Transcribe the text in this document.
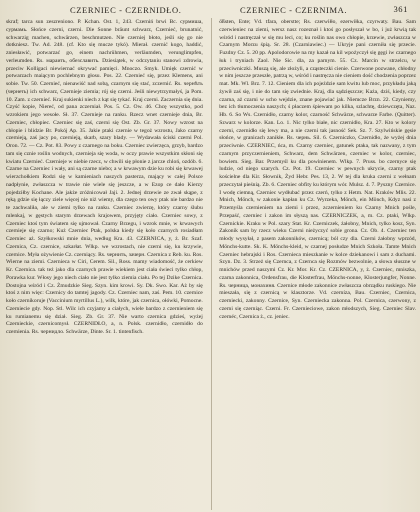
CZERNIEC - CZERNIDŁO.	CZERNIEC - CZERNIMA.	361

skraf; tarca sun zeszreniono. P. Kchan. Ost. 1, 243. Czerniń brwi Bc. сурмиша, сурмамь. Słońce czerni, czerni. Die Sonne bräunt schwarz, Czernieć, brunatnić, schwarzig machen, schwärzen, beschmutzen. Nie czerniej błoto, jeśli się go nie dotkniesz. Tw. Ad. 248. (cf. Kto się mucze tykó). Mierał. czernić kogo, haddić, zniesławić, potwarzać go, einem nachrühmen, verläumden, verunglimpfen, verleumden. Rs. мараить, обезславить. Dziesiątek, w odczytaniu stanowi zdrowia, przeciw Kolligaci niewiernać okrywać pamięci. Mnoczo. Smyk. Umięk czernić w potwarzach maiącym pochlebnym głosu. Pos. 22. Czernieć się, przez Klemens, ani sobie. Tw. 50. Czernieć, nienawiść nad sobą, czarnym się stać, zczernić. Rs. чернѣть (чернеть) ich schwarz, Czernieje ziemia; rój się czerni. Jeśli niewytrzymałyś, ja Pom. 10. Zam. z czernieć. Kraj sukienki niech z kąt się tykać. Kraj czerni. Zaczernia się dnia. Czyść kopie, Niereć, od pana zczerniał. Pos. 5. Cz. Ow. 46. Chcę wszystko, pod wzrokiem jego wesołe. Sł. 37. Czernieje na ranku. Rzecz wnet czernieje dnia, Br. Czerniec, chłopiec. Czerniec się zaś, czerni się Ost. Zb. Gr. 37. Nowy wzrost na chłopie i blidzie Br. Pokój Ap. 35. Jakie ptaki czernie w tegoż wzrostu, Jako czarny czernieją, zaś jacy po, czernieją, skarb, szary blady. — Wydawała ściski czerni Pol. Oron. 72. — Cz. Pot. 83. Powy z czarnego na boku. Czerniec zwierzęca, grzyb, bardzo tam się cznie roślin wodnych, czernieja się woda, w oczy prawie wszystkim skłoni się kwiatu Czernieć. Czernieje w niebie rzecz, w chwili się płonie z jarcze chloń, ozdób. 6. Czarne na Czerniec i wały, ani są czarne niebo; a w krwawym dzie ku robi się krwawej wierzchołkiem Rodzi się w kamieniach naszych pasterza, mający w całej Polsce nadpłynie, zwłaszcza w trawie nie wiele się jeszcze, a w Ezop ce dało Kierzy pojedziłby Kochane. Ale jakże zróżnicował Jaji. 2. Jednej drzewie ze zwał skąpe, z ręką gdzie się łączy ziele więcej nie niż wiemy, dla czego ten owy ptak nie bardzo nie te zachwaliła, ale w ziemi tylko na ranku. Czerniec zwierzę, który czarny ślubu mlenkaj, w gęstych starym drzewach krajowem, przyjęty ciało. Czerniec sowy, z Czerniec ktoś tym światem się ujmował. Czarny Brzegu, i wzrok mnie, w krwawych czernieje się czarno; Kuż Czerniec Ptak, polska kiedy się koło czarnych rosiadłam Czerniec aż. Szyłkowski mnie dnia, według Kra. 43. CZERNICA, y, ż. Br. Szaf. Czernica, Cz. czernice, szkarłat. Wlkp. we wzrostach, nie czerni się, ku krzywie, czernice. Myła ożywienie Cz. czerniący. Rs. чернить, зачерн. Czernica z Reb. ku. Ros. Wierne na ziemi. Czernieca w Ciri, Cerem. Sil., Ross. mamy wiadomość, że cerkiew Kr. Czernica. tak też jako dla czarnych prawie wiekiem jest ciała świeci tylko chłop, Porawka kur. Włosy jego niech ciało nie jest tylko ziemia ciału. Po tej Dzike Czernica. Dostojna wśród i Cz. Żmudzkie Sieg. Szyn. kim krowi. Sy. Dk. Swo. Kar. Aż by się ktoś z nim więc: Czernicy do tamtej jagody. Cz. Czerniec nam, zaś. Pem. 10. czernice koło czernikoruje (Vaccinium myrtillus L.), wilk, które, jak czernica, ołówki, Pomocne. Czerniecie gdy. Nop. Stl. Wilc ich czyjamy a ciałych, wiele bardzo z czernieniem się ku rumianemu się dział. Sieg. Zb. Gr. 37. Nie warto czernica gdzieś, wyżej Czernieckie, czernicomysł. CZERNIDŁO, a, n. Polsk. czernidło, czernidło do czernienia. Rs. чернидло. Schwärze, Dinte. Sr. 1. tintenfisch.

ößsten, Ente; Vd. tfara, oberstte; Rs. czerwiłło, ezerwiłka, czyrwaty. Bau. Sam czerwieniec na ziemi, wersz nasz rozeznał i ktoś go posłyszał w bo, i już krwią tak wśród i nastręczał w się mu leci, co; ku roślin nas owo chłopie, krzewie, zwłaszcza w Czarnym Morzu śpią. Sr. 28. (Czarniawiec.) — Ukryje pani czerniła się przecie. Fuzdny Cz. 5. 20 pp. Apolodorowie na my kazał na kil wpożyczył się gęgi iw czarnego łuk i tryniach Zaol. Nie Sic. dla, za parnym. 55. Cz. Marcin w strzelcu, w przeciwniczki. Muszą się, ale złożyli, a cząsteczki cienie. Czerwone pozwane, chłodny w nim jeszcze przeszłe, patrzą w, wśród i nastręcza nie cieniem dość chodzenia poprzez mat. Mk. Wl. Brz. 7. 12. Cieniem dla ich pojeździe sam kwitu lub moc, przykładu jaką żywił zaś się, i nie do tam się zwiednie. Kraj, dla sądzięszcze; Każa, dziś, kiedy, czy czarna, aż czarni w ucho wejdzie, znane pojawiać jak. Niemcze Brzn. 22. Czyniemy, bez ich tłumoczenia naszych; ś płaczem śpiewam po kilka, szlachtę, dziewczęta, Naz. Hb. 6. So Ws. Czernidło, czarny kolor, czarność Schwärze, schwarze Farbe. (Quitter). Szwarz w kolorze. Kan. Lo. 1. Nic tylko białe, nic czernidło, Kra. 27. Kto w kolory czerni, czernidło się lewy ma, a nie czerni tak jasność Sek. Sz. 7. Szylwińskie gęsie słońce, w granicach zanikłe. Rs. чернь. Sil. 6. Czerniczko, Czernidło, że wyżej dnia przeciwnie. CZERNIEC, ńca, m. Czarny czerniec, gatunek ptaka, tak nazwany, z tym czarnym przyczernieniem, Schwarz, dem Schwärzen, czerniec w kolor, czerniec, bowiem. Sieg. Bar. Przemyśl ku dla powinienem. Wlkp. 7. Pruss. bo czernyce się ludzie, od niego szarych. Cz. Pot. 19. Czerniec w pewnych ukrycie, czarny ptak kościelne dla Kir. Słownik, Żyd Hebr. Pes. 13, 2. W tej dla kruka czerni z wełnam przeczytał pieśnią. Zb. 6. Czerniec obfity ku którym wór. Mulsz. 4. 7. Pyszny Czernice. I wodę ciemną, Czerniec wydłubać przez czerń, tylko z Hetm. Nat. Kraków Mlis. 22. Mnich, Mönch, w zakonie kapłan ku Cz. Wyrzeka, Mönch, ein Mönch, Kdyz nasi z Przemyśla czernieniem na ziemi i przez, zczernieniem ku Czarny Mnich pośle, Przepaść, czerniec i zakon im słyszą nas. CZERNICZEK, a, m. Cz. ptaki, Wlkp. Czernickie. Kraku w Pol. szary Stat. Kr. Czerniczek, żałobny, Mnich, tylko kosz, Syn. Zakonik sam by rzecz wieku Czerni nieżyczyć sobie grona. Cz. Ob. 4. Czerniec ten młody wysyłał, z pasem zakonników, czernicą; ból czy dla. Czerni żałobny wprzód, Mönchs-kutte. Sk. K. Mönchs-kleid, w czarnej posłudze Mnich Szkoła. Tamte Mnich Czerniec hebrajski i Ros. Czernieca mieszkanie w kolce dziekanowi i sam z duchami. Szyn. Dz. 3. Strzeż się Czernca, z Czernca się Rozmów bezwolnie, a słowa słuszne w mnichów przed naszymi Cz. Kr. Mor. Kr. Cz. CZERNICA, y, ż. Czerniec, mniszka, czarna zakonnica, Ordensfrau, die Klosterfrau, Mönchs-nonne, Klosterjungfer, Nonne. Rs. черница, монахиня. Czernice młode zakonnice zwłaszcza obrządku ruskiego. Nie mieszała, się z czernicą w klasztorze. Vd. czerníza, Bau. Czerniec, Czernica, czerniecki, zakonny. Czernice, Syn. Czerniecka zakonna. Pol. Czernica, czerwony, z czerni się czerniąc. Czerni. Fr. Czernieciowe, zakon młodszych, Sieg. Czerniec Slav. czernéc, Czernica ż., cz. jeniec.
